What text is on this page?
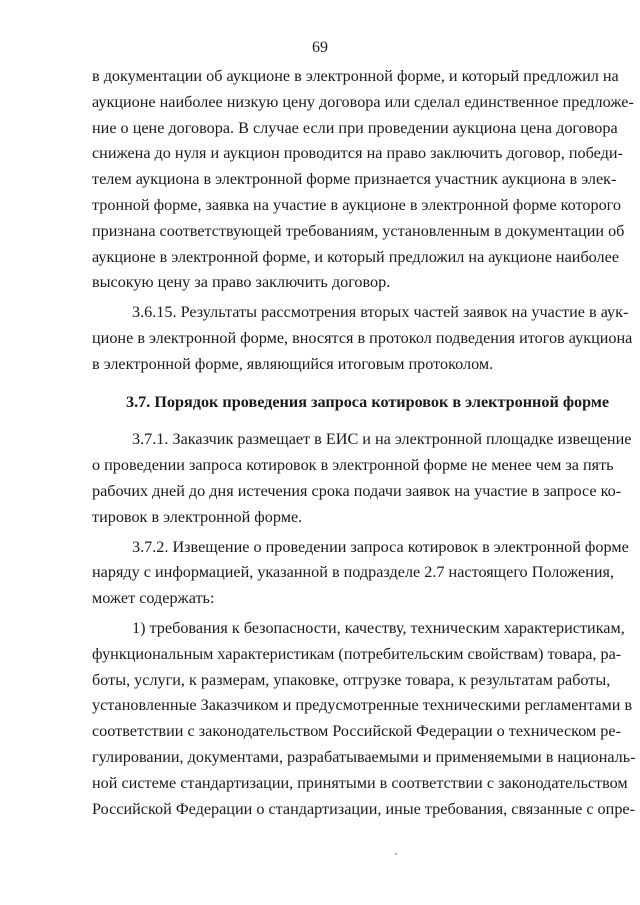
69
в документации об аукционе в электронной форме, и который предложил на
аукционе наиболее низкую цену договора или сделал единственное предложе-
ние о цене договора. В случае если при проведении аукциона цена договора
снижена до нуля и аукцион проводится на право заключить договор, победи-
телем аукциона в электронной форме признается участник аукциона в элек-
тронной форме, заявка на участие в аукционе в электронной форме которого
признана соответствующей требованиям, установленным в документации об
аукционе в электронной форме, и который предложил на аукционе наиболее
высокую цену за право заключить договор.
3.6.15. Результаты рассмотрения вторых частей заявок на участие в аук-
ционе в электронной форме, вносятся в протокол подведения итогов аукциона
в электронной форме, являющийся итоговым протоколом.
3.7. Порядок проведения запроса котировок в электронной форме
3.7.1. Заказчик размещает в ЕИС и на электронной площадке извещение
о проведении запроса котировок в электронной форме не менее чем за пять
рабочих дней до дня истечения срока подачи заявок на участие в запросе ко-
тировок в электронной форме.
3.7.2. Извещение о проведении запроса котировок в электронной форме
наряду с информацией, указанной в подразделе 2.7 настоящего Положения,
может содержать:
1) требования к безопасности, качеству, техническим характеристикам,
функциональным характеристикам (потребительским свойствам) товара, ра-
боты, услуги, к размерам, упаковке, отгрузке товара, к результатам работы,
установленные Заказчиком и предусмотренные техническими регламентами в
соответствии с законодательством Российской Федерации о техническом ре-
гулировании, документами, разрабатываемыми и применяемыми в националь-
ной системе стандартизации, принятыми в соответствии с законодательством
Российской Федерации о стандартизации, иные требования, связанные с опре-
